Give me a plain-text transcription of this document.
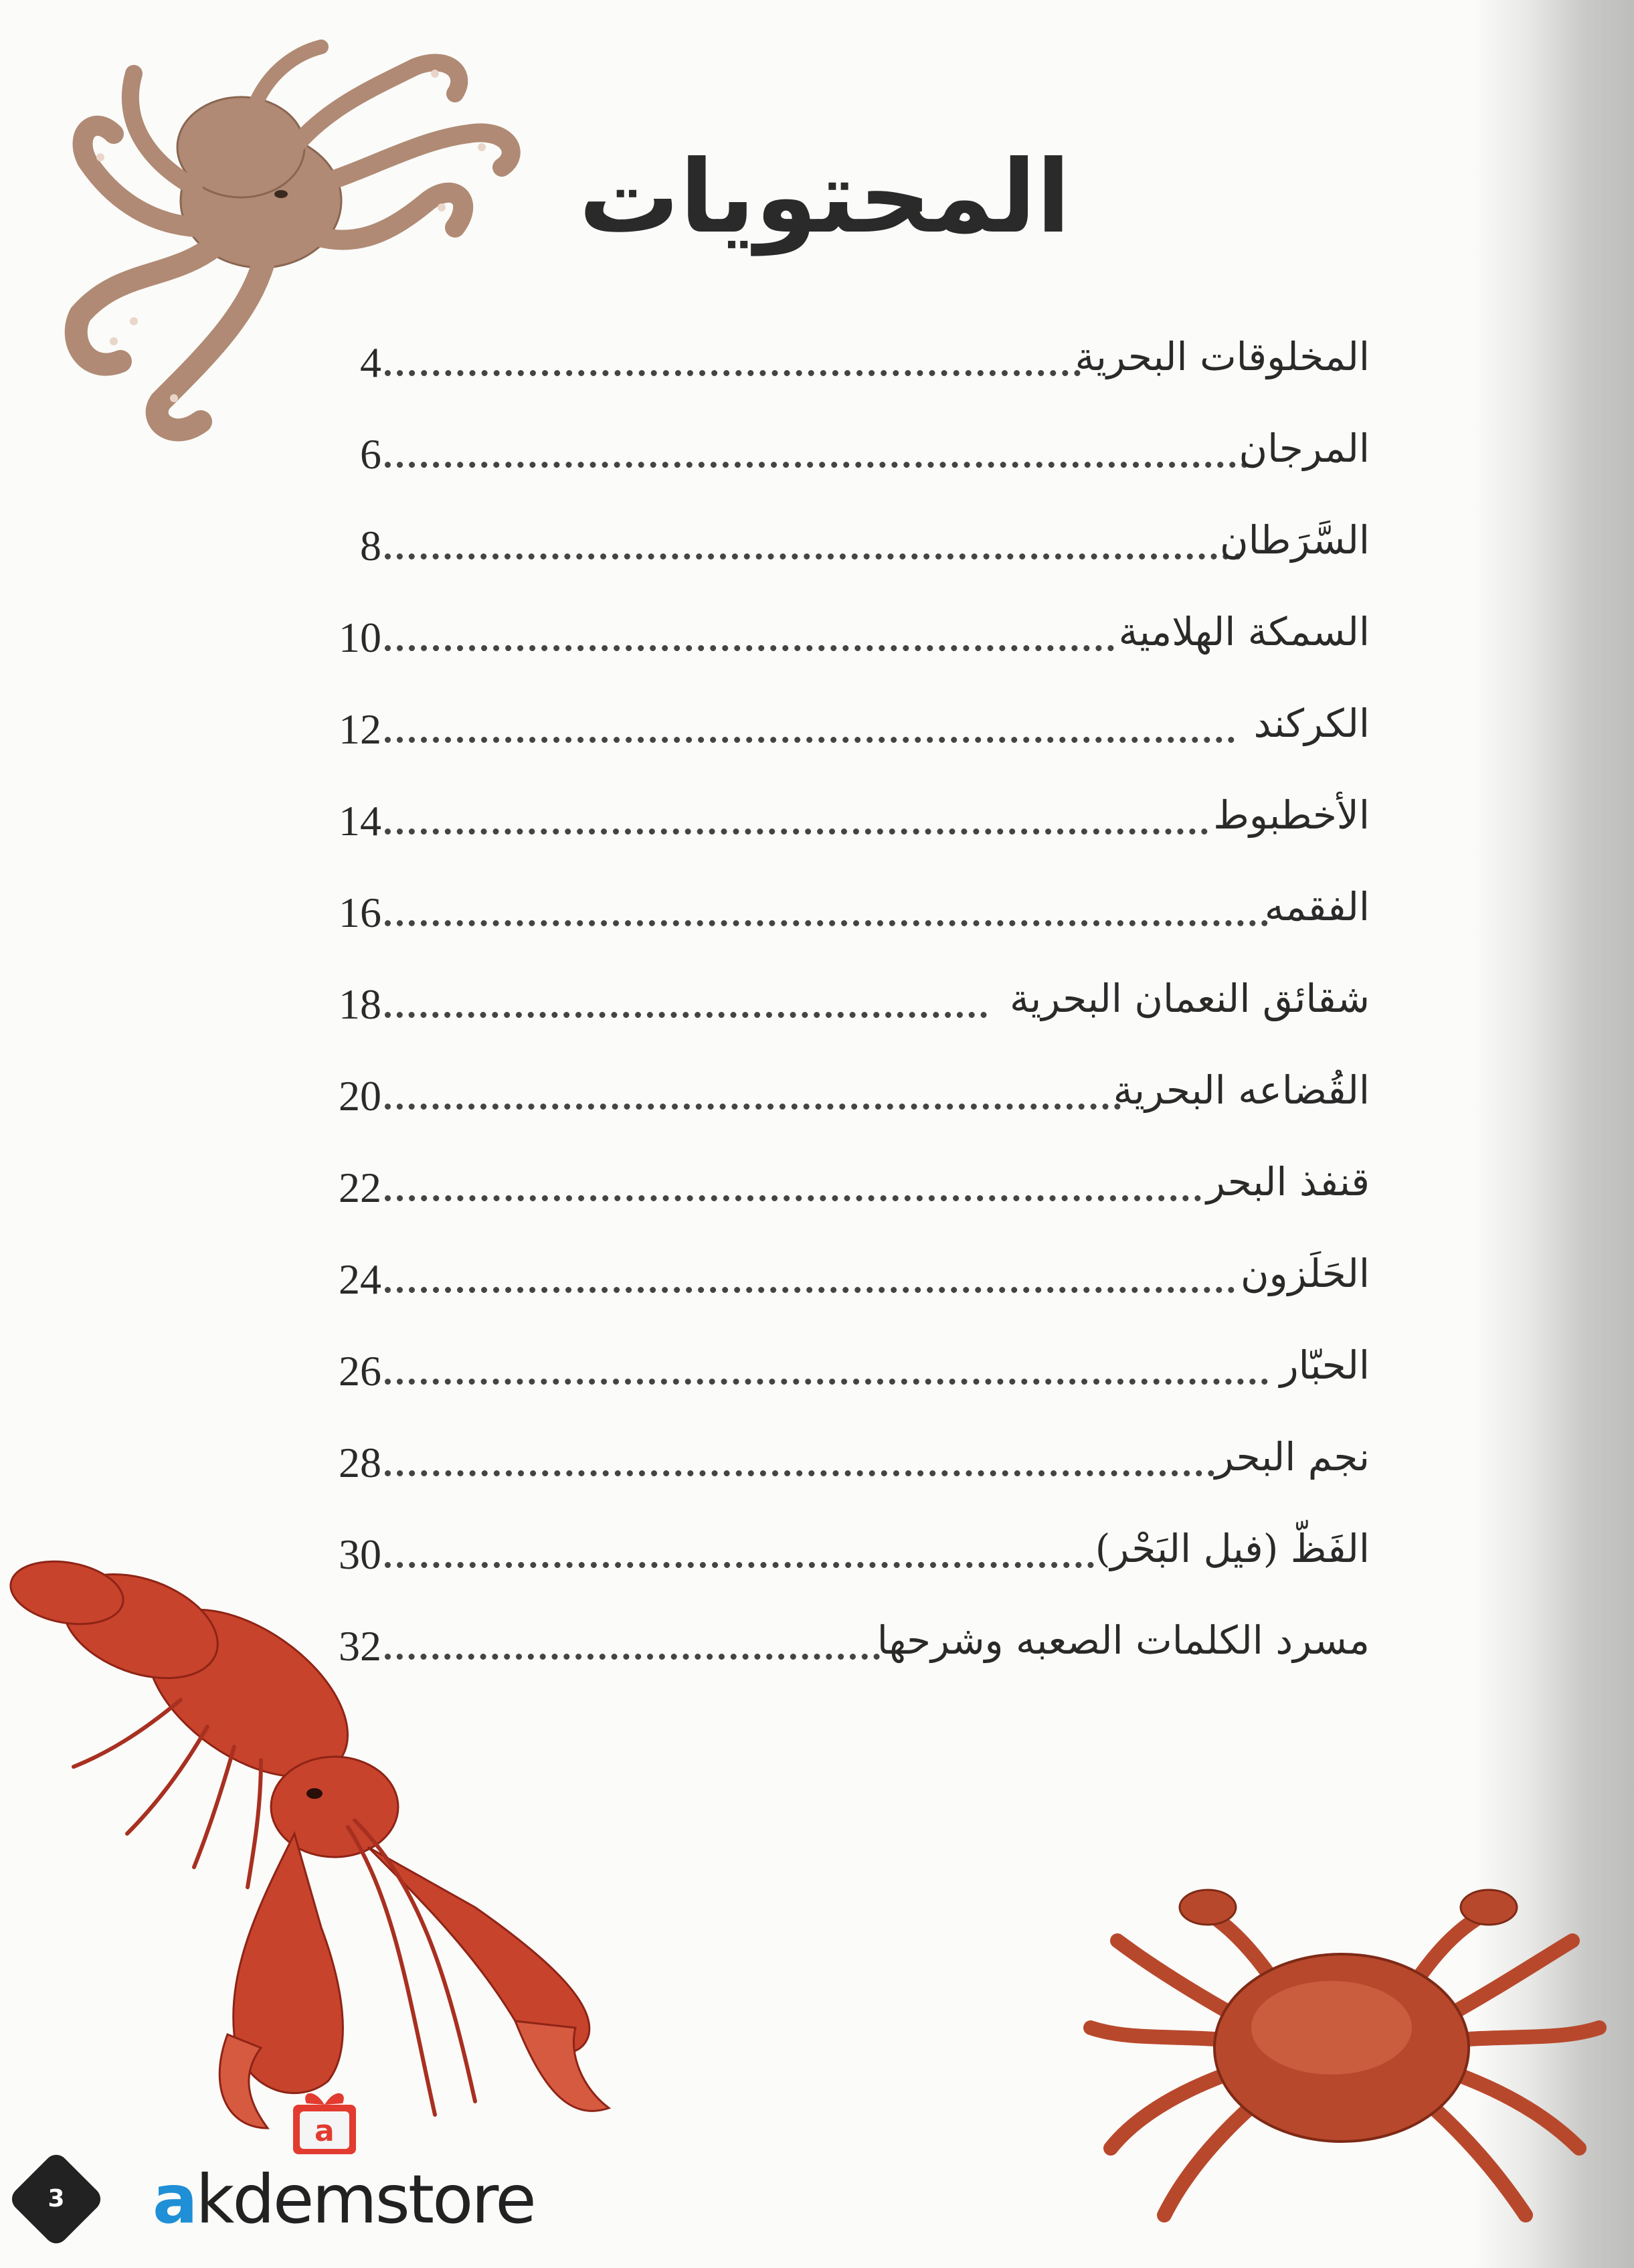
المحتويات
4	المخلوقات البحرية
6	المرجان
8	السَّرَطان
10	السمكة الهلامية
12	الكركند
14	الأخطبوط
16	الفقمه
18	شقائق النعمان البحرية
20	القُضاعه البحرية
22	قنفذ البحر
24	الحَلَزون
26	الحبّار
28	نجم البحر
30	الفَظّ (فيل البَحْر)
32	مسرد الكلمات الصعبه وشرحها
3
a
akdemstore
